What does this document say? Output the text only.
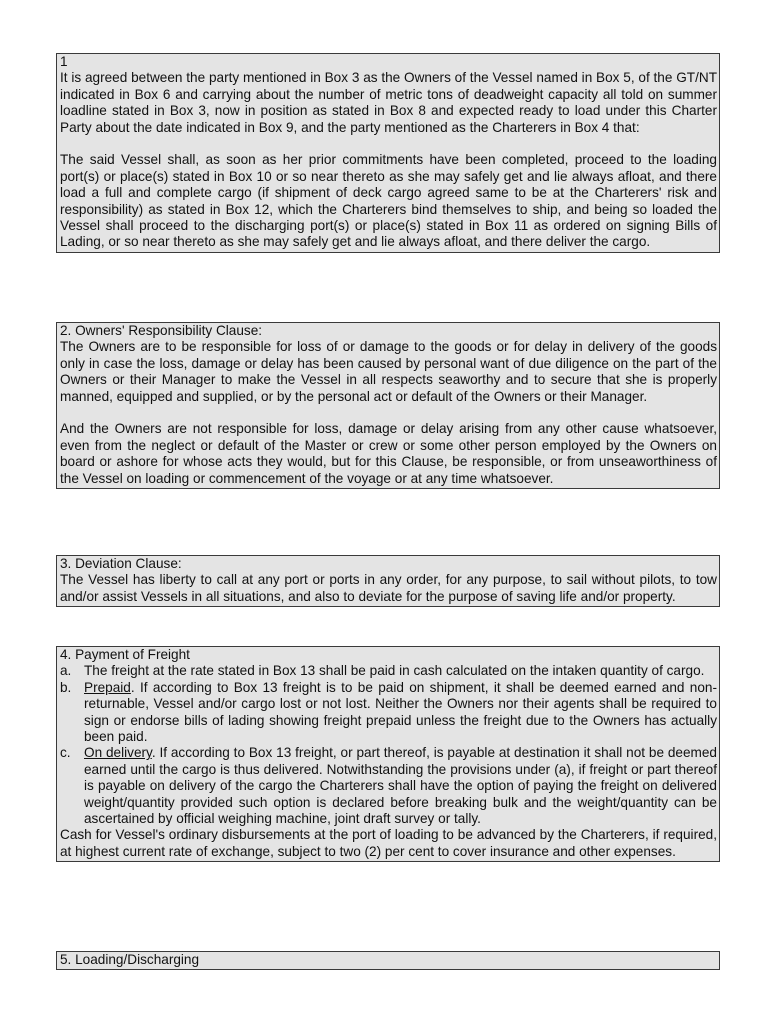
1

It is agreed between the party mentioned in Box 3 as the Owners of the Vessel named in Box 5, of the GT/NT indicated in Box 6 and carrying about the number of metric tons of deadweight capacity all told on summer loadline stated in Box 3, now in position as stated in Box 8 and expected ready to load under this Charter Party about the date indicated in Box 9, and the party mentioned as the Charterers in Box 4 that:

The said Vessel shall, as soon as her prior commitments have been completed, proceed to the loading port(s) or place(s) stated in Box 10 or so near thereto as she may safely get and lie always afloat, and there load a full and complete cargo (if shipment of deck cargo agreed same to be at the Charterers' risk and responsibility) as stated in Box 12, which the Charterers bind themselves to ship, and being so loaded the Vessel shall proceed to the discharging port(s) or place(s) stated in Box 11 as ordered on signing Bills of Lading, or so near thereto as she may safely get and lie always afloat, and there deliver the cargo.

2. Owners' Responsibility Clause:

The Owners are to be responsible for loss of or damage to the goods or for delay in delivery of the goods only in case the loss, damage or delay has been caused by personal want of due diligence on the part of the Owners or their Manager to make the Vessel in all respects seaworthy and to secure that she is properly manned, equipped and supplied, or by the personal act or default of the Owners or their Manager.

And the Owners are not responsible for loss, damage or delay arising from any other cause whatsoever, even from the neglect or default of the Master or crew or some other person employed by the Owners on board or ashore for whose acts they would, but for this Clause, be responsible, or from unseaworthiness of the Vessel on loading or commencement of the voyage or at any time whatsoever.

3. Deviation Clause:

The Vessel has liberty to call at any port or ports in any order, for any purpose, to sail without pilots, to tow and/or assist Vessels in all situations, and also to deviate for the purpose of saving life and/or property.

4. Payment of Freight

a. The freight at the rate stated in Box 13 shall be paid in cash calculated on the intaken quantity of cargo.
b. Prepaid. If according to Box 13 freight is to be paid on shipment, it shall be deemed earned and non-returnable, Vessel and/or cargo lost or not lost. Neither the Owners nor their agents shall be required to sign or endorse bills of lading showing freight prepaid unless the freight due to the Owners has actually been paid.
c. On delivery. If according to Box 13 freight, or part thereof, is payable at destination it shall not be deemed earned until the cargo is thus delivered. Notwithstanding the provisions under (a), if freight or part thereof is payable on delivery of the cargo the Charterers shall have the option of paying the freight on delivered weight/quantity provided such option is declared before breaking bulk and the weight/quantity can be ascertained by official weighing machine, joint draft survey or tally.

Cash for Vessel's ordinary disbursements at the port of loading to be advanced by the Charterers, if required, at highest current rate of exchange, subject to two (2) per cent to cover insurance and other expenses.

5. Loading/Discharging
